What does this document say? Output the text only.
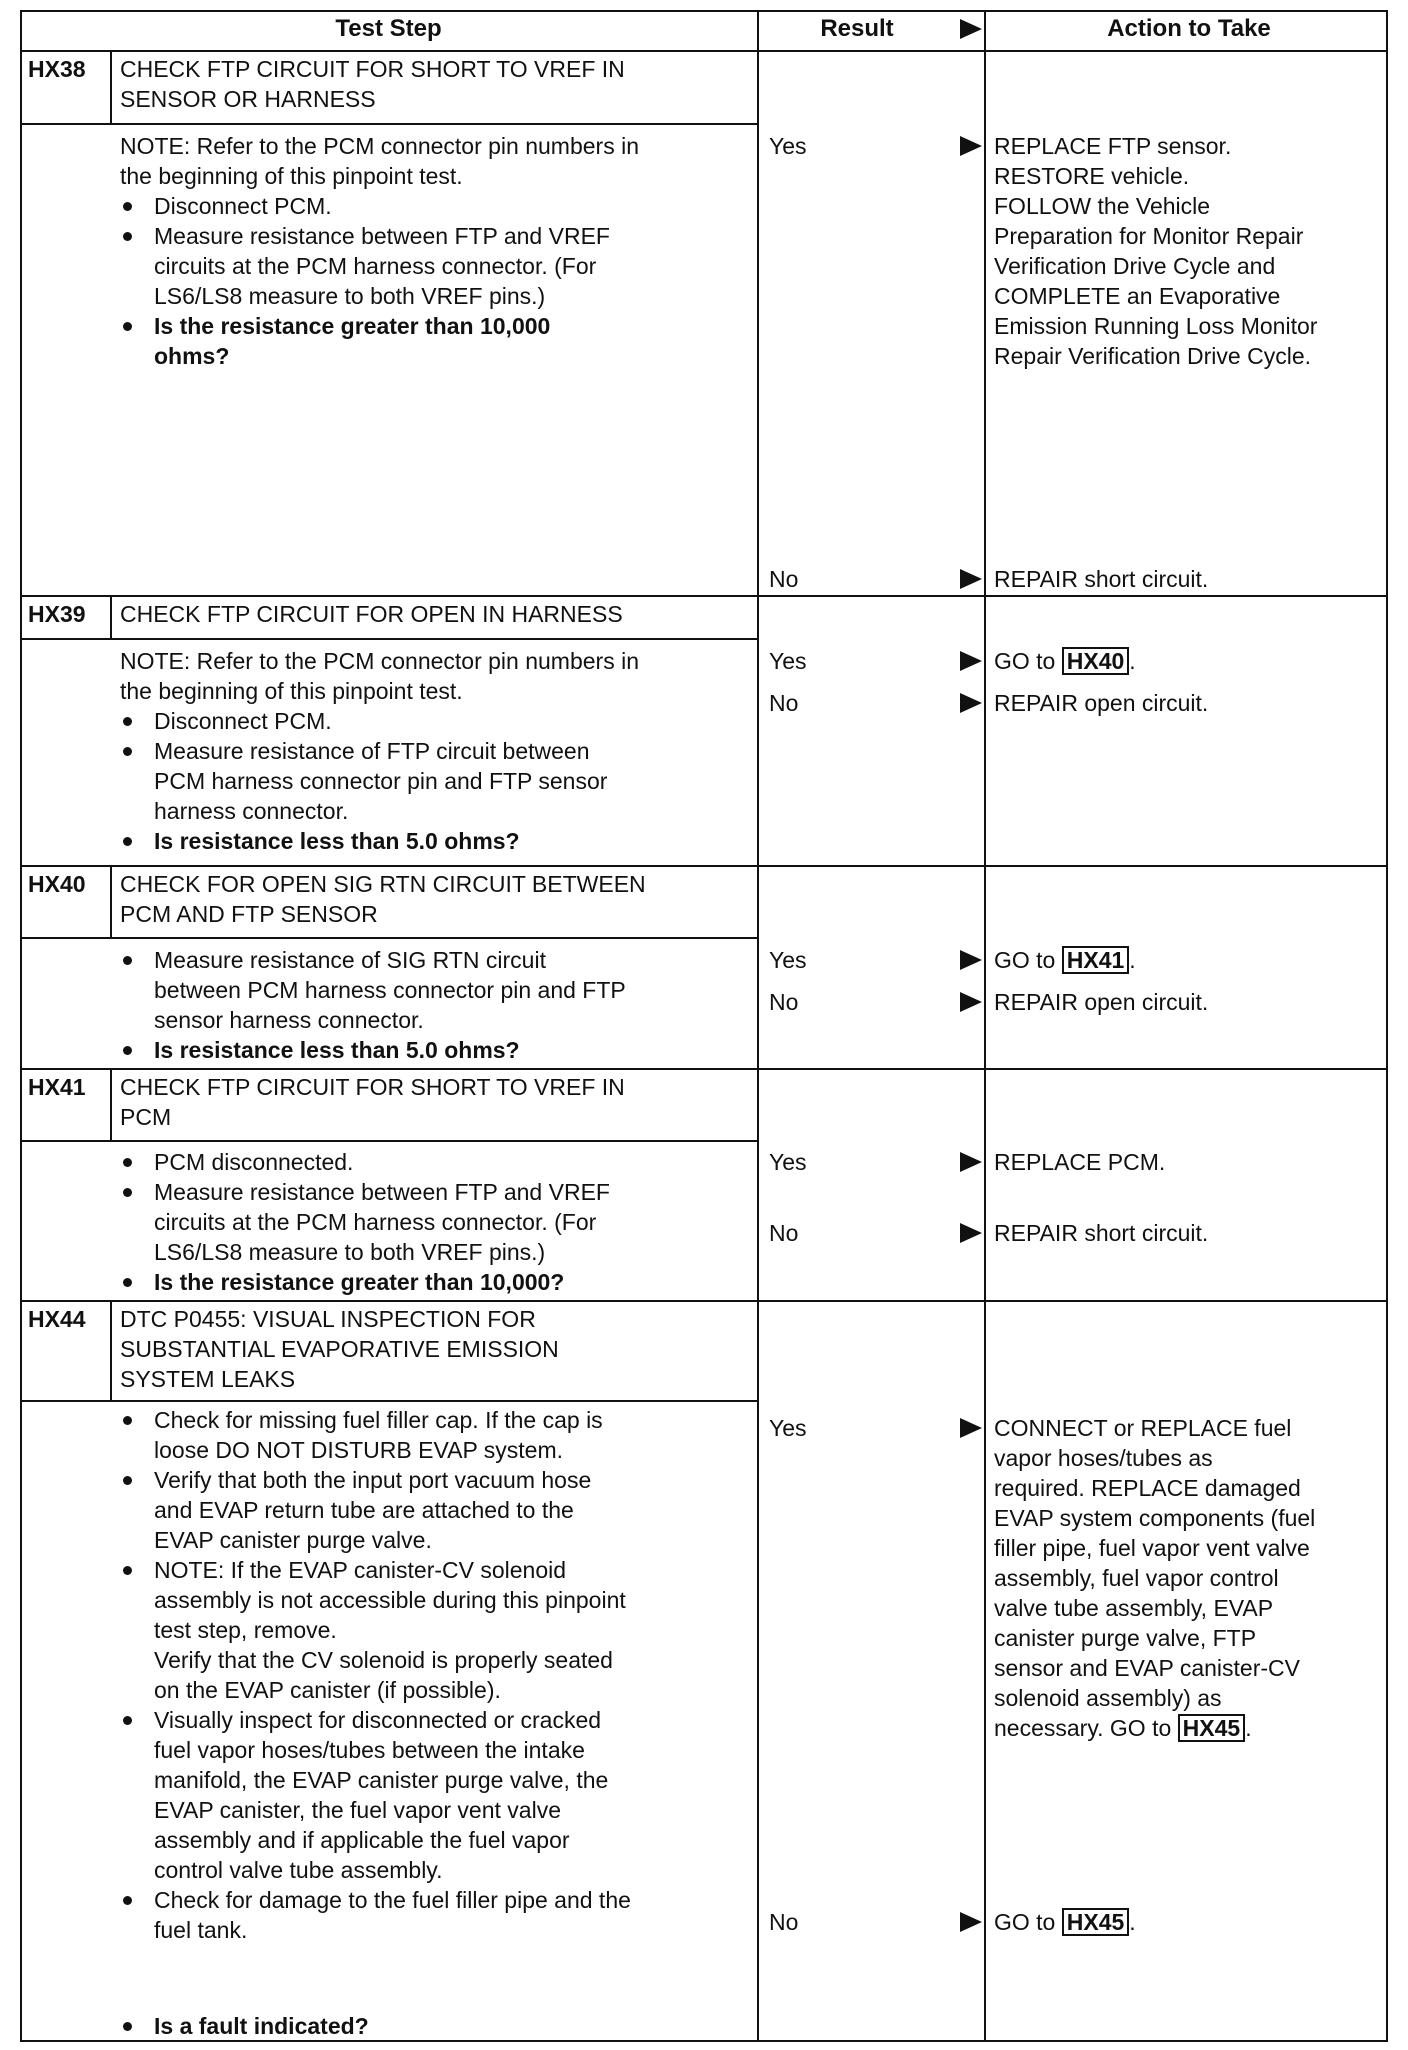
Test Step	Result	Action to Take
HX38 CHECK FTP CIRCUIT FOR SHORT TO VREF IN
SENSOR OR HARNESS
NOTE: Refer to the PCM connector pin numbers in
the beginning of this pinpoint test.
Disconnect PCM.
Measure resistance between FTP and VREF
circuits at the PCM harness connector. (For
LS6/LS8 measure to both VREF pins.)
Is the resistance greater than 10,000
ohms?
Yes	REPLACE FTP sensor.
RESTORE vehicle.
FOLLOW the Vehicle
Preparation for Monitor Repair
Verification Drive Cycle and
COMPLETE an Evaporative
Emission Running Loss Monitor
Repair Verification Drive Cycle.
No	REPAIR short circuit.
HX39 CHECK FTP CIRCUIT FOR OPEN IN HARNESS
NOTE: Refer to the PCM connector pin numbers in
the beginning of this pinpoint test.
Disconnect PCM.
Measure resistance of FTP circuit between
PCM harness connector pin and FTP sensor
harness connector.
Is resistance less than 5.0 ohms?
Yes	GO to HX40 .
No	REPAIR open circuit.
HX40 CHECK FOR OPEN SIG RTN CIRCUIT BETWEEN
PCM AND FTP SENSOR
Measure resistance of SIG RTN circuit
between PCM harness connector pin and FTP
sensor harness connector.
Is resistance less than 5.0 ohms?
Yes	GO to HX41 .
No	REPAIR open circuit.
HX41 CHECK FTP CIRCUIT FOR SHORT TO VREF IN
PCM
PCM disconnected.
Measure resistance between FTP and VREF
circuits at the PCM harness connector. (For
LS6/LS8 measure to both VREF pins.)
Is the resistance greater than 10,000?
Yes	REPLACE PCM.
No	REPAIR short circuit.
HX44 DTC P0455: VISUAL INSPECTION FOR
SUBSTANTIAL EVAPORATIVE EMISSION
SYSTEM LEAKS
Check for missing fuel filler cap. If the cap is
loose DO NOT DISTURB EVAP system.
Verify that both the input port vacuum hose
and EVAP return tube are attached to the
EVAP canister purge valve.
NOTE: If the EVAP canister-CV solenoid
assembly is not accessible during this pinpoint
test step, remove.
Verify that the CV solenoid is properly seated
on the EVAP canister (if possible).
Visually inspect for disconnected or cracked
fuel vapor hoses/tubes between the intake
manifold, the EVAP canister purge valve, the
EVAP canister, the fuel vapor vent valve
assembly and if applicable the fuel vapor
control valve tube assembly.
Check for damage to the fuel filler pipe and the
fuel tank.
Is a fault indicated?
Yes	CONNECT or REPLACE fuel
vapor hoses/tubes as
required. REPLACE damaged
EVAP system components (fuel
filler pipe, fuel vapor vent valve
assembly, fuel vapor control
valve tube assembly, EVAP
canister purge valve, FTP
sensor and EVAP canister-CV
solenoid assembly) as
necessary. GO to HX45 .
No	GO to HX45 .
